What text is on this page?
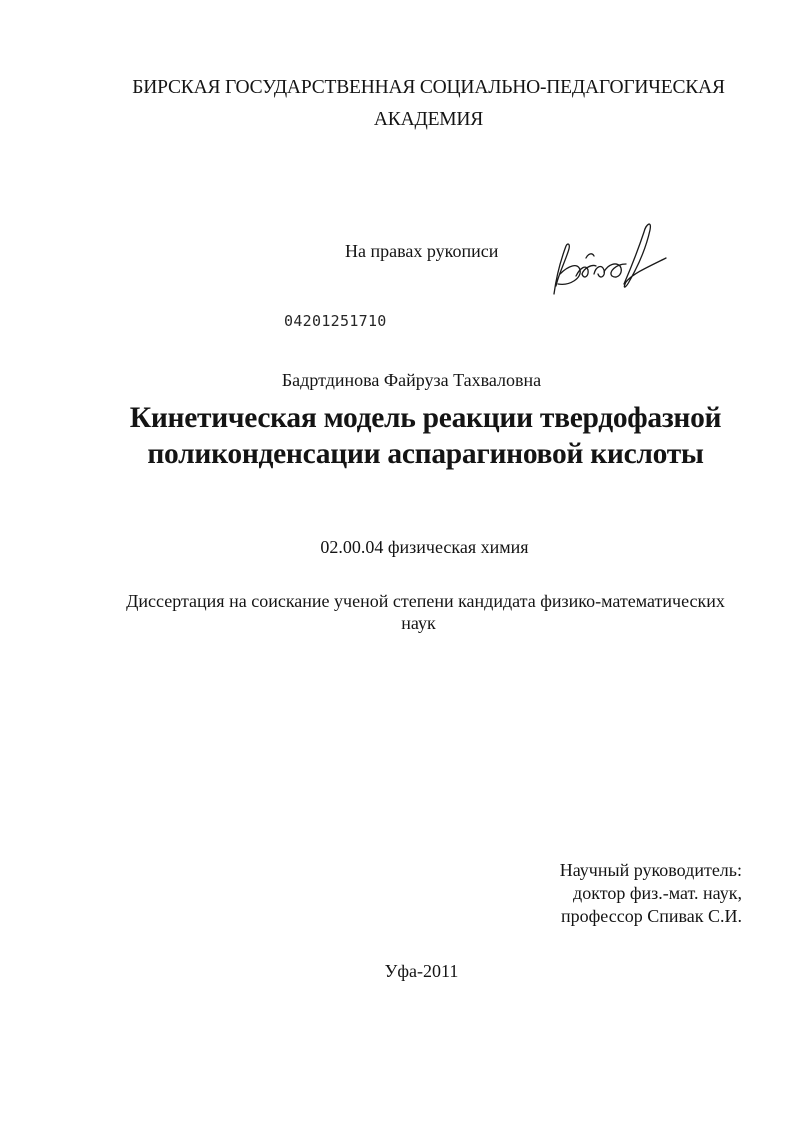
БИРСКАЯ ГОСУДАРСТВЕННАЯ СОЦИАЛЬНО-ПЕДАГОГИЧЕСКАЯ
АКАДЕМИЯ
На правах рукописи
04201251710
Бадртдинова Файруза Тахваловна
Кинетическая модель реакции твердофазной
поликонденсации аспарагиновой кислоты
02.00.04 физическая химия
Диссертация на соискание ученой степени кандидата физико-математических
наук
Научный руководитель:
доктор физ.-мат. наук,
профессор Спивак С.И.
Уфа-2011
